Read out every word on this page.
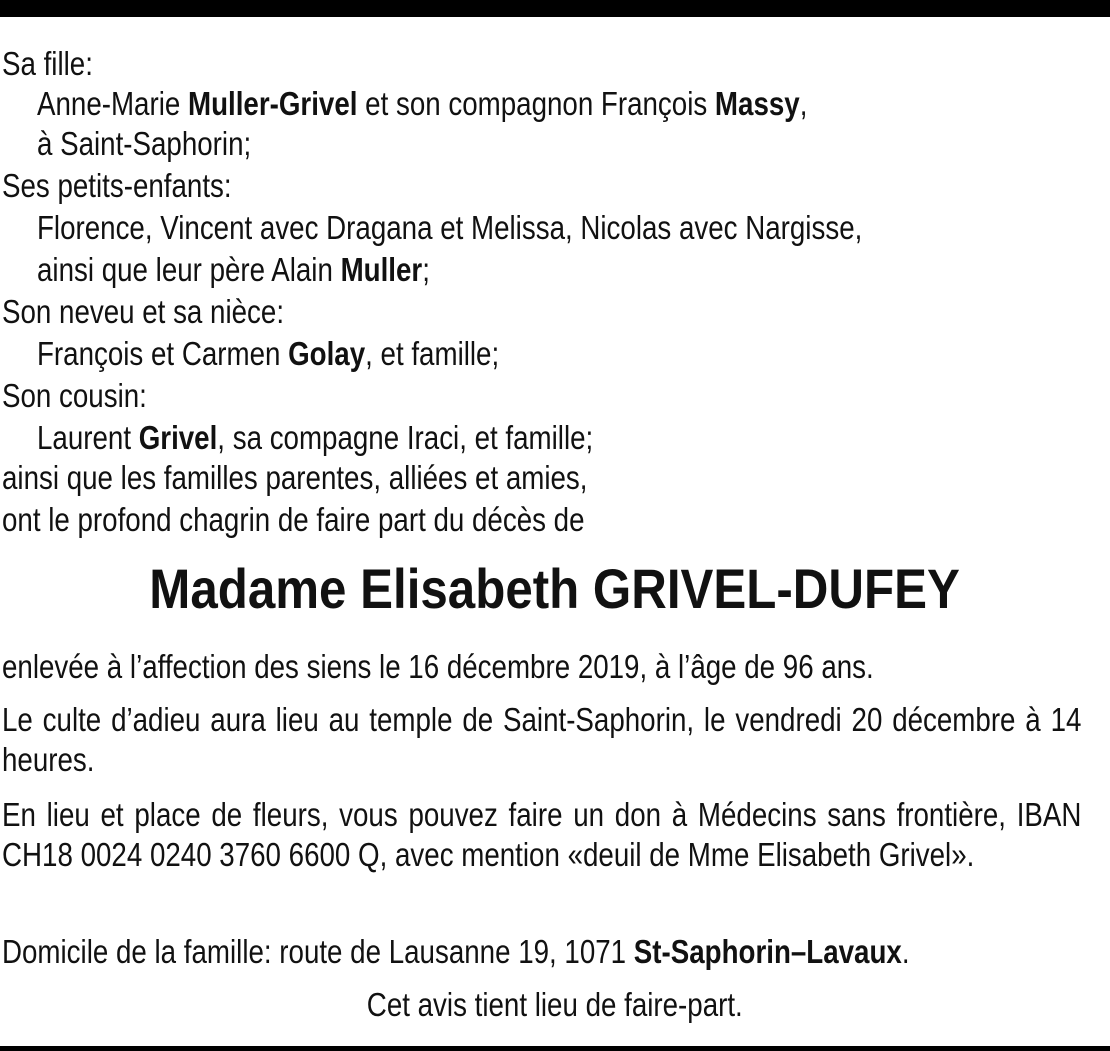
Sa fille:
Anne-Marie Muller-Grivel et son compagnon François Massy,
à Saint-Saphorin;
Ses petits-enfants:
Florence, Vincent avec Dragana et Melissa, Nicolas avec Nargisse,
ainsi que leur père Alain Muller;
Son neveu et sa nièce:
François et Carmen Golay, et famille;
Son cousin:
Laurent Grivel, sa compagne Iraci, et famille;
ainsi que les familles parentes, alliées et amies,
ont le profond chagrin de faire part du décès de
Madame Elisabeth GRIVEL-DUFEY
enlevée à l’affection des siens le 16 décembre 2019, à l’âge de 96 ans.
Le culte d’adieu aura lieu au temple de Saint-Saphorin, le vendredi 20 décembre à 14 heures.
En lieu et place de fleurs, vous pouvez faire un don à Médecins sans frontière, IBAN CH18 0024 0240 3760 6600 Q, avec mention «deuil de Mme Elisabeth Grivel».
Domicile de la famille: route de Lausanne 19, 1071 St-Saphorin–Lavaux.
Cet avis tient lieu de faire-part.
